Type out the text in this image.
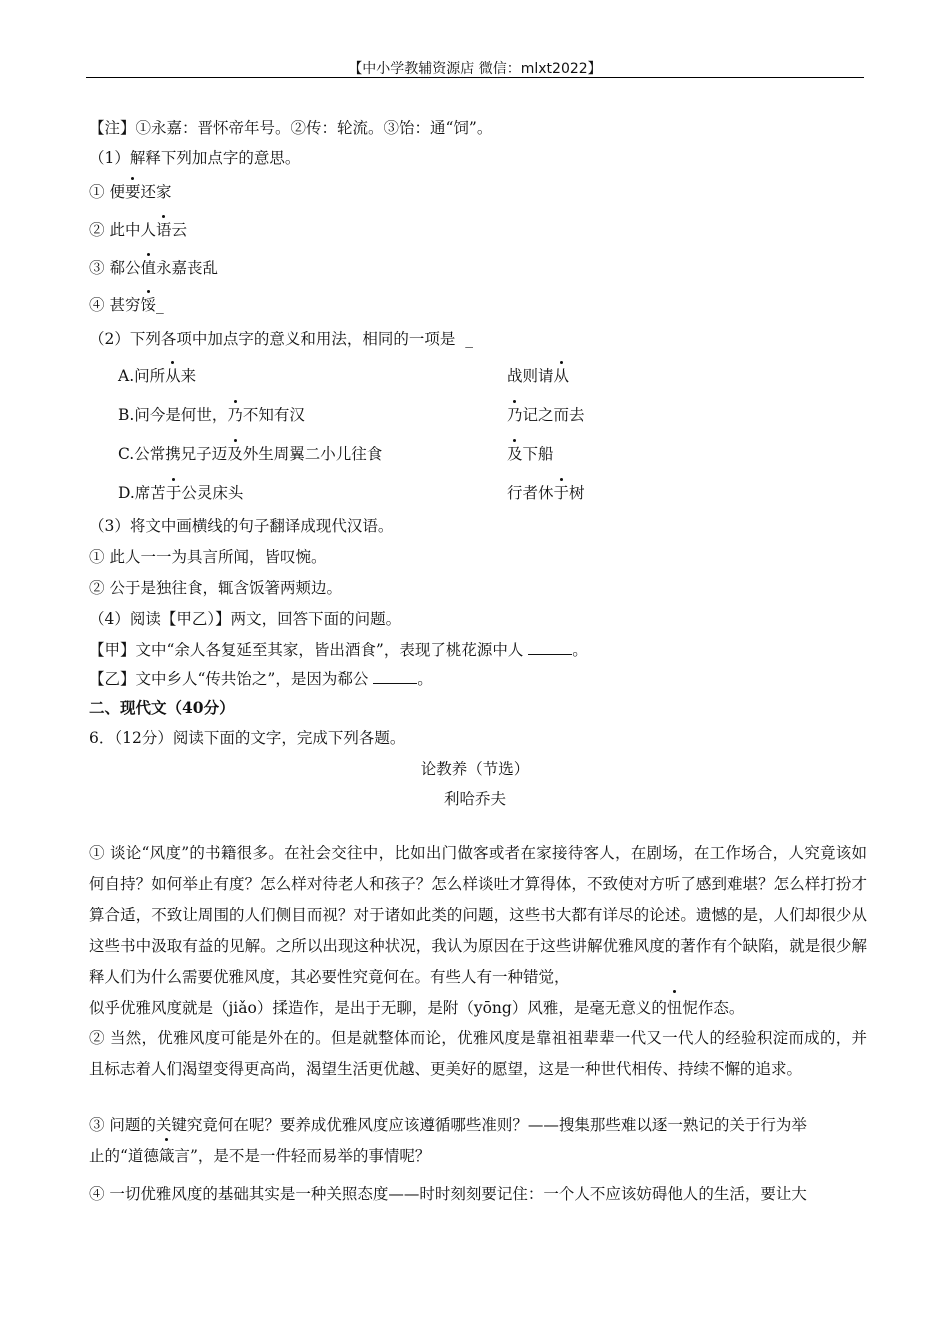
【中小学教辅资源店 微信：mlxt2022】
【注】①永嘉：晋怀帝年号。②传：轮流。③饴：通“饲”。
（1）解释下列加点字的意思。
① 便要还家
② 此中人语云
③ 郗公值永嘉丧乱
④ 甚穷馁_
（2）下列各项中加点字的意义和用法，相同的一项是 _
A.问所从来	战则请从
B.问今是何世，乃不知有汉	乃记之而去
C.公常携兄子迈及外生周翼二小儿往食	及下船
D.席苫于公灵床头	行者休于树
（3）将文中画横线的句子翻译成现代汉语。
① 此人一一为具言所闻，皆叹惋。
② 公于是独往食，辄含饭箸两颊边。
（4）阅读【甲乙）】两文，回答下面的问题。
【甲】文中“余人各复延至其家，皆出酒食”，表现了桃花源中人	。
【乙】文中乡人“传共饴之”，是因为郗公	。
二、现代文（40分）
6．（12分）阅读下面的文字，完成下列各题。
论教养（节选）
利哈乔夫
① 谈论“风度”的书籍很多。在社会交往中，比如出门做客或者在家接待客人，在剧场，在工作场合，人究竟该如何自持？如何举止有度？怎么样对待老人和孩子？怎么样谈吐才算得体，不致使对方听了感到难堪？怎么样打扮才算合适，不致让周围的人们侧目而视？对于诸如此类的问题，这些书大都有详尽的论述。遗憾的是，人们却很少从这些书中汲取有益的见解。之所以出现这种状况，我认为原因在于这些讲解优雅风度的著作有个缺陷，就是很少解释人们为什么需要优雅风度，其必要性究竟何在。有些人有一种错觉，
似乎优雅风度就是（jiǎo）揉造作，是出于无聊，是附（yōng）风雅，是毫无意义的忸怩作态。
② 当然，优雅风度可能是外在的。但是就整体而论，优雅风度是靠祖祖辈辈一代又一代人的经验积淀而成的，并且标志着人们渴望变得更高尚，渴望生活更优越、更美好的愿望，这是一种世代相传、持续不懈的追求。
③ 问题的关键究竟何在呢？要养成优雅风度应该遵循哪些准则？——搜集那些难以逐一熟记的关于行为举
止的“道德箴言”，是不是一件轻而易举的事情呢？
④ 一切优雅风度的基础其实是一种关照态度——时时刻刻要记住：一个人不应该妨碍他人的生活，要让大
